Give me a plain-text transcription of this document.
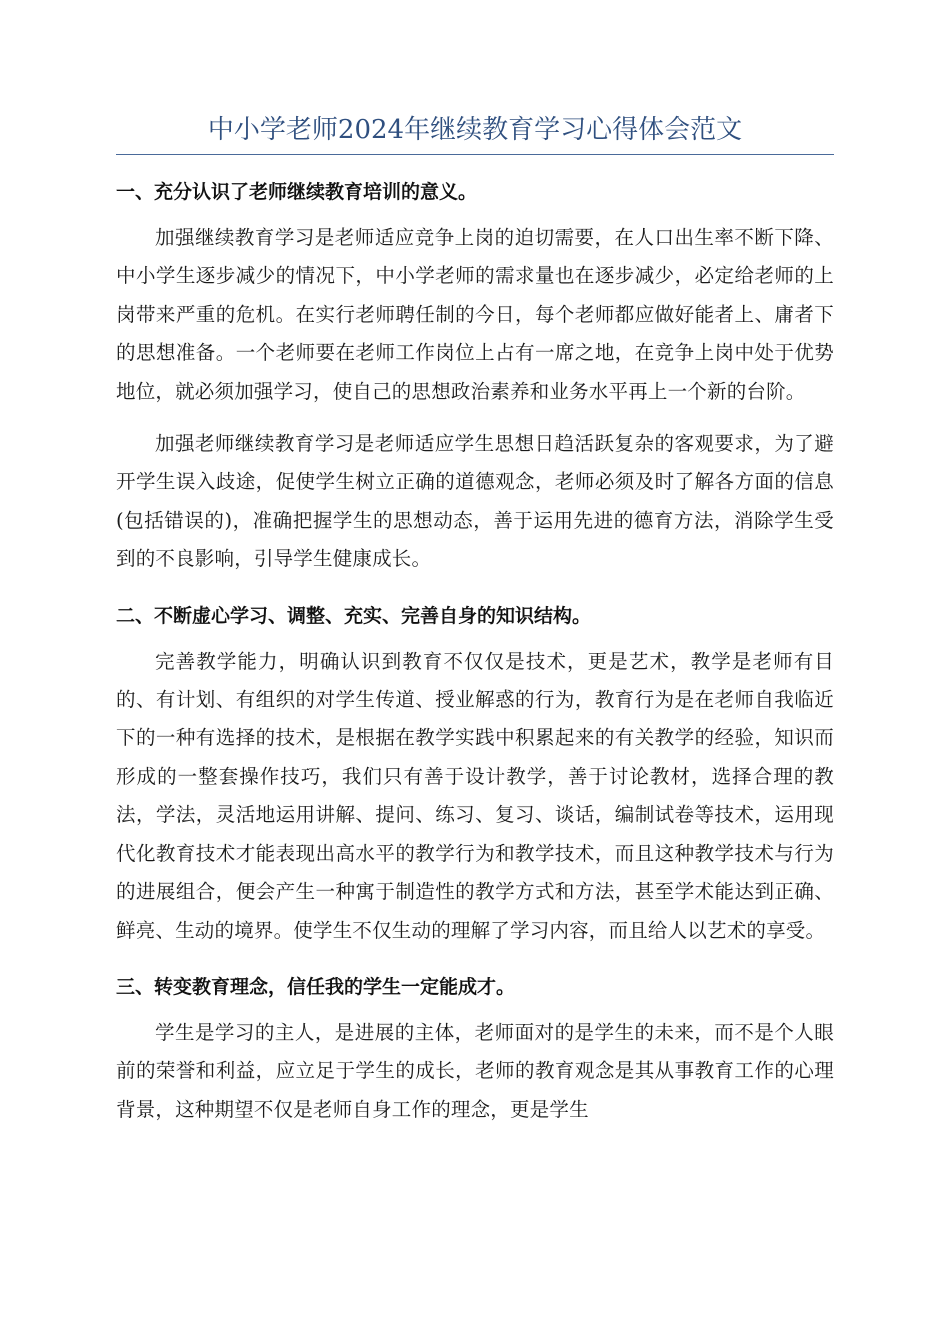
中小学老师2024年继续教育学习心得体会范文
一、充分认识了老师继续教育培训的意义。

加强继续教育学习是老师适应竞争上岗的迫切需要，在人口出生率不断下降、中小学生逐步减少的情况下，中小学老师的需求量也在逐步减少，必定给老师的上岗带来严重的危机。在实行老师聘任制的今日，每个老师都应做好能者上、庸者下的思想准备。一个老师要在老师工作岗位上占有一席之地，在竞争上岗中处于优势地位，就必须加强学习，使自己的思想政治素养和业务水平再上一个新的台阶。

加强老师继续教育学习是老师适应学生思想日趋活跃复杂的客观要求，为了避开学生误入歧途，促使学生树立正确的道德观念，老师必须及时了解各方面的信息(包括错误的)，准确把握学生的思想动态，善于运用先进的德育方法，消除学生受到的不良影响，引导学生健康成长。

二、不断虚心学习、调整、充实、完善自身的知识结构。

完善教学能力，明确认识到教育不仅仅是技术，更是艺术，教学是老师有目的、有计划、有组织的对学生传道、授业解惑的行为，教育行为是在老师自我临近下的一种有选择的技术，是根据在教学实践中积累起来的有关教学的经验，知识而形成的一整套操作技巧，我们只有善于设计教学，善于讨论教材，选择合理的教法，学法，灵活地运用讲解、提问、练习、复习、谈话，编制试卷等技术，运用现代化教育技术才能表现出高水平的教学行为和教学技术，而且这种教学技术与行为的进展组合，便会产生一种寓于制造性的教学方式和方法，甚至学术能达到正确、鲜亮、生动的境界。使学生不仅生动的理解了学习内容，而且给人以艺术的享受。

三、转变教育理念，信任我的学生一定能成才。

学生是学习的主人，是进展的主体，老师面对的是学生的未来，而不是个人眼前的荣誉和利益，应立足于学生的成长，老师的教育观念是其从事教育工作的心理背景，这种期望不仅是老师自身工作的理念，更是学生
